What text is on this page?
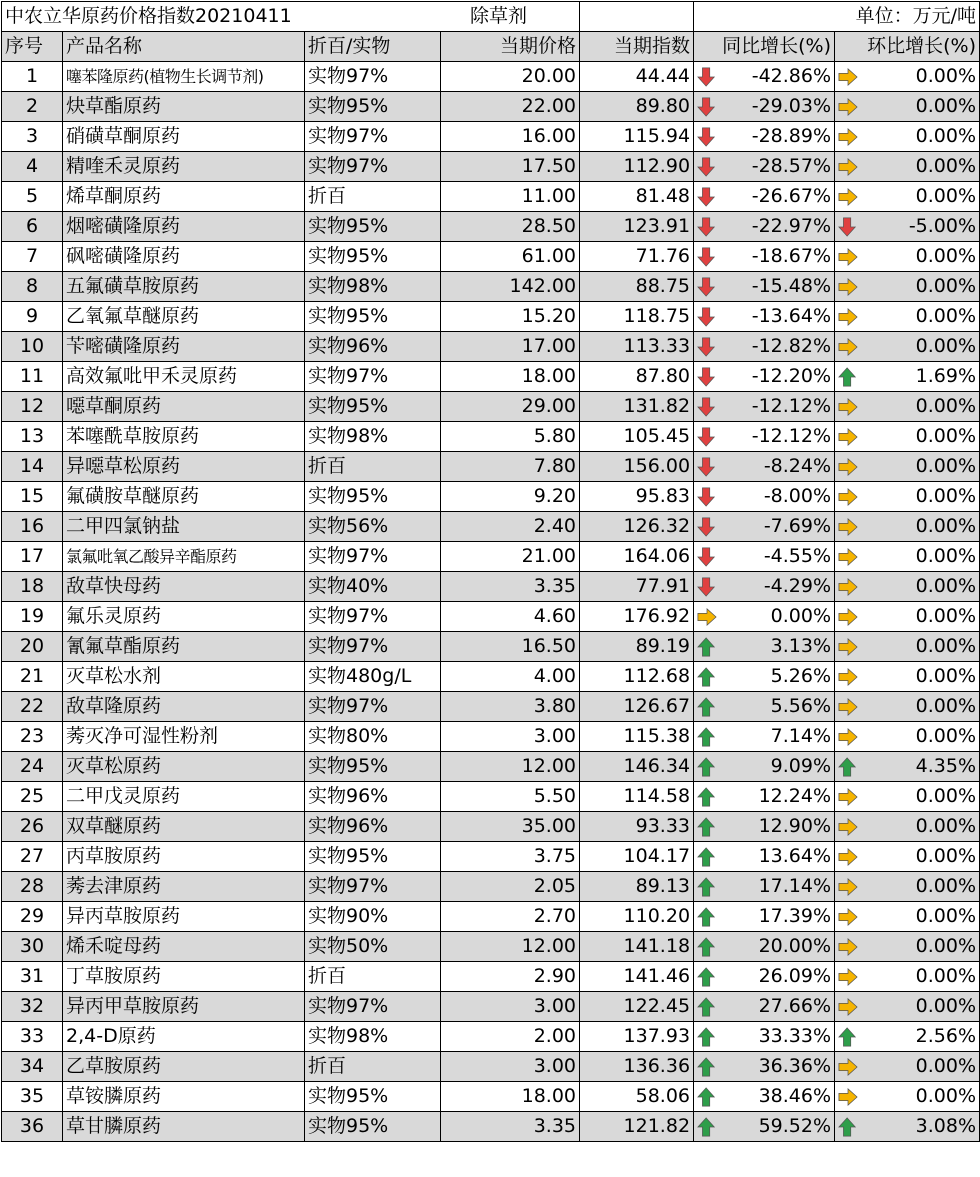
中农立华原药价格指数20210411				除草剂	单位：万元/吨	
序号	产品名称	折百/实物	当期价格	当期指数	同比增长(%)	环比增长(%)
1	噻苯隆原药(植物生长调节剂)	实物97%	20.00	44.44	-42.86%	0.00%
2	炔草酯原药	实物95%	22.00	89.80	-29.03%	0.00%
3	硝磺草酮原药	实物97%	16.00	115.94	-28.89%	0.00%
4	精喹禾灵原药	实物97%	17.50	112.90	-28.57%	0.00%
5	烯草酮原药	折百	11.00	81.48	-26.67%	0.00%
6	烟嘧磺隆原药	实物95%	28.50	123.91	-22.97%	-5.00%
7	砜嘧磺隆原药	实物95%	61.00	71.76	-18.67%	0.00%
8	五氟磺草胺原药	实物98%	142.00	88.75	-15.48%	0.00%
9	乙氧氟草醚原药	实物95%	15.20	118.75	-13.64%	0.00%
10	苄嘧磺隆原药	实物96%	17.00	113.33	-12.82%	0.00%
11	高效氟吡甲禾灵原药	实物97%	18.00	87.80	-12.20%	1.69%
12	噁草酮原药	实物95%	29.00	131.82	-12.12%	0.00%
13	苯噻酰草胺原药	实物98%	5.80	105.45	-12.12%	0.00%
14	异噁草松原药	折百	7.80	156.00	-8.24%	0.00%
15	氟磺胺草醚原药	实物95%	9.20	95.83	-8.00%	0.00%
16	二甲四氯钠盐	实物56%	2.40	126.32	-7.69%	0.00%
17	氯氟吡氧乙酸异辛酯原药	实物97%	21.00	164.06	-4.55%	0.00%
18	敌草快母药	实物40%	3.35	77.91	-4.29%	0.00%
19	氟乐灵原药	实物97%	4.60	176.92	0.00%	0.00%
20	氰氟草酯原药	实物97%	16.50	89.19	3.13%	0.00%
21	灭草松水剂	实物480g/L	4.00	112.68	5.26%	0.00%
22	敌草隆原药	实物97%	3.80	126.67	5.56%	0.00%
23	莠灭净可湿性粉剂	实物80%	3.00	115.38	7.14%	0.00%
24	灭草松原药	实物95%	12.00	146.34	9.09%	4.35%
25	二甲戊灵原药	实物96%	5.50	114.58	12.24%	0.00%
26	双草醚原药	实物96%	35.00	93.33	12.90%	0.00%
27	丙草胺原药	实物95%	3.75	104.17	13.64%	0.00%
28	莠去津原药	实物97%	2.05	89.13	17.14%	0.00%
29	异丙草胺原药	实物90%	2.70	110.20	17.39%	0.00%
30	烯禾啶母药	实物50%	12.00	141.18	20.00%	0.00%
31	丁草胺原药	折百	2.90	141.46	26.09%	0.00%
32	异丙甲草胺原药	实物97%	3.00	122.45	27.66%	0.00%
33	2,4-D原药	实物98%	2.00	137.93	33.33%	2.56%
34	乙草胺原药	折百	3.00	136.36	36.36%	0.00%
35	草铵膦原药	实物95%	18.00	58.06	38.46%	0.00%
36	草甘膦原药	实物95%	3.35	121.82	59.52%	3.08%
